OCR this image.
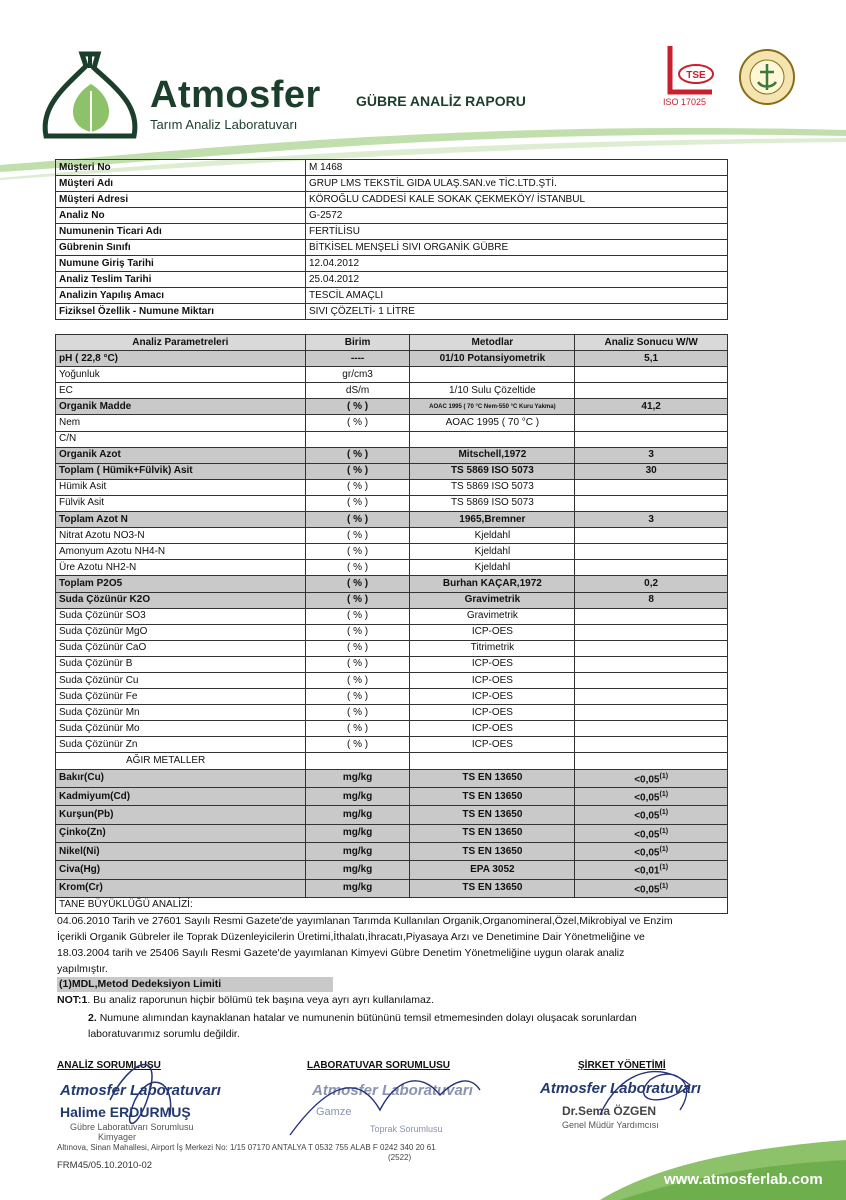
Atmosfer
Tarım Analiz Laboratuvarı
GÜBRE ANALİZ RAPORU
TSE
ISO 17025
Müşteri No	M 1468
Müşteri Adı	GRUP LMS TEKSTİL GIDA ULAŞ.SAN.ve TİC.LTD.ŞTİ.
Müşteri Adresi	KÖROĞLU CADDESİ KALE SOKAK ÇEKMEKÖY/ İSTANBUL
Analiz No	G-2572
Numunenin Ticari Adı	FERTİLİSU
Gübrenin Sınıfı	BİTKİSEL MENŞELİ SIVI ORGANİK GÜBRE
Numune Giriş Tarihi	12.04.2012
Analiz Teslim Tarihi	25.04.2012
Analizin Yapılış Amacı	TESCİL AMAÇLI
Fiziksel Özellik - Numune Miktarı	SIVI ÇÖZELTİ- 1 LİTRE
Analiz Parametreleri	Birim	Metodlar	Analiz Sonucu W/W
pH ( 22,8 °C)	----	01/10 Potansiyometrik	5,1
Yoğunluk	gr/cm3		
EC	dS/m	1/10 Sulu Çözeltide	
Organik Madde	( % )	AOAC 1995 ( 70 °C Nem-550 °C Kuru Yakma)	41,2
Nem	( % )	AOAC 1995 ( 70 °C )	
C/N			
Organik Azot	( % )	Mitschell,1972	3
Toplam ( Hümik+Fülvik) Asit	( % )	TS 5869 ISO 5073	30
Hümik Asit	( % )	TS 5869 ISO 5073	
Fülvik Asit	( % )	TS 5869 ISO 5073	
Toplam Azot N	( % )	1965,Bremner	3
Nitrat Azotu NO3-N	( % )	Kjeldahl	
Amonyum Azotu NH4-N	( % )	Kjeldahl	
Üre Azotu NH2-N	( % )	Kjeldahl	
Toplam P2O5	( % )	Burhan KAÇAR,1972	0,2
Suda Çözünür K2O	( % )	Gravimetrik	8
Suda Çözünür SO3	( % )	Gravimetrik	
Suda Çözünür MgO	( % )	ICP-OES	
Suda Çözünür CaO	( % )	Titrimetrik	
Suda Çözünür B	( % )	ICP-OES	
Suda Çözünür Cu	( % )	ICP-OES	
Suda Çözünür Fe	( % )	ICP-OES	
Suda Çözünür Mn	( % )	ICP-OES	
Suda Çözünür Mo	( % )	ICP-OES	
Suda Çözünür Zn	( % )	ICP-OES	
AĞIR METALLER			
Bakır(Cu)	mg/kg	TS EN 13650	$<0,05^{(1)}$
Kadmiyum(Cd)	mg/kg	TS EN 13650	$<0,05^{(1)}$
Kurşun(Pb)	mg/kg	TS EN 13650	$<0,05^{(1)}$
Çinko(Zn)	mg/kg	TS EN 13650	$<0,05^{(1)}$
Nikel(Ni)	mg/kg	TS EN 13650	$<0,05^{(1)}$
Civa(Hg)	mg/kg	EPA 3052	$<0,01^{(1)}$
Krom(Cr)	mg/kg	TS EN 13650	$<0,05^{(1)}$
TANE BÜYÜKLÜĞÜ ANALİZİ:			
04.06.2010 Tarih ve 27601 Sayılı Resmi Gazete'de yayımlanan Tarımda Kullanılan Organik,Organomineral,Özel,Mikrobiyal ve Enzim İçerikli Organik Gübreler ile Toprak Düzenleyicilerin Üretimi,İthalatı,İhracatı,Piyasaya Arzı ve Denetimine Dair Yönetmeliğine ve 18.03.2004 tarih ve 25406 Sayılı Resmi Gazete'de yayımlanan Kimyevi Gübre Denetim Yönetmeliğine uygun olarak analiz yapılmıştır.
(1)MDL,Metod Dedeksiyon Limiti
NOT:1. Bu analiz raporunun hiçbir bölümü tek başına veya ayrı ayrı kullanılamaz.
2. Numune alımından kaynaklanan hatalar ve numunenin bütününü temsil etmemesinden dolayı oluşacak sorunlardan laboratuvarımız sorumlu değildir.
ANALİZ SORUMLUSU	LABORATUVAR SORUMLUSU	ŞİRKET YÖNETİMİ
Atmosfer Laboratuvarı
Halime ERDURMUŞ
Gübre Laboratuvarı Sorumlusu
Kimyager
Atmosfer Laboratuvarı
Gamze
Toprak Sorumlusu
Atmosfer Laboratuvarı
Dr.Sema ÖZGEN
Genel Müdür Yardımcısı
Altınova, Sinan Mahallesi, Airport İş Merkezi No: 1/15 07170 ANTALYA T 0532 755 ALAB F 0242 340 20 61
(2522)
FRM45/05.10.2010-02
www.atmosferlab.com
